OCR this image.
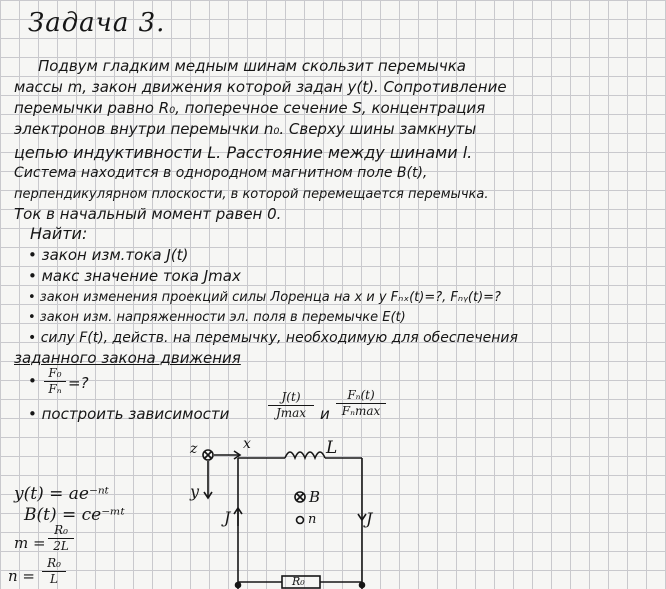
Задача 3.
Подвум гладким медным шинам скользит перемычка
массы m, закон движения которой задан y(t). Сопротивление
перемычки равно R₀, поперечное сечение S, концентрация
электронов внутри перемычки n₀. Сверху шины замкнуты
цепью индуктивности L. Расстояние между шинами l.
Система находится в однородном магнитном поле B(t),
перпендикулярном плоскости, в которой перемещается перемычка.
Ток в начальный момент равен 0.
Найти:
• закон изм.тока J(t)
• макс значение тока Jmax
• закон изменения проекций силы Лоренца на x и y Fₙₓ(t)=?, Fₙᵧ(t)=?
• закон изм. напряженности эл. поля в перемычке E(t)
• силу F(t), действ. на перемычку, необходимую для обеспечения
заданного закона движения
• $\frac{\text{F₀}}{\text{Fₙ}}$ =?
• построить зависимости
J(t)
Jmax и
Fₙ(t)
Fₙmax
y(t) = ae⁻ⁿᵗ
B(t) = ce⁻ᵐᵗ
$m = \frac{\text{R₀}}{2L}$
$n = \frac{\text{R₀}}{L}$
z	x
y
L
B
n
J	J
R₀
